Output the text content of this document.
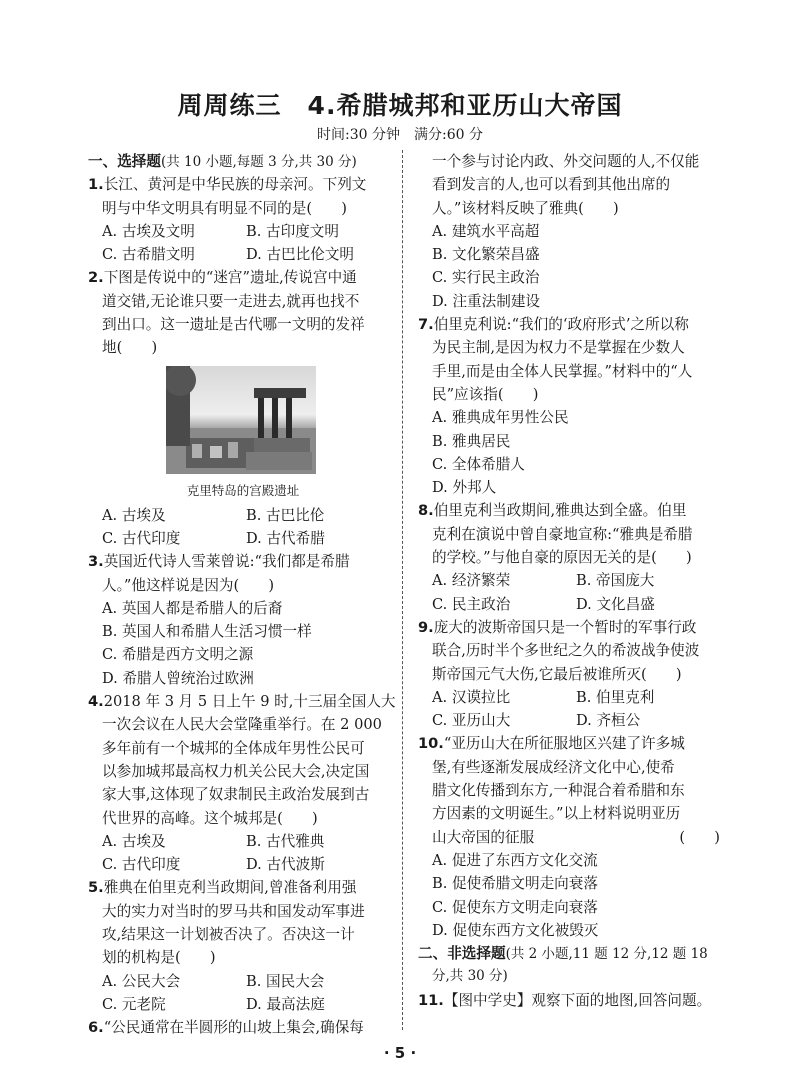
周周练三 4.希腊城邦和亚历山大帝国
时间:30 分钟 满分:60 分
一、选择题(共 10 小题,每题 3 分,共 30 分)
1.长江、黄河是中华民族的母亲河。下列文
明与中华文明具有明显不同的是(　　)
A. 古埃及文明	B. 古印度文明
C. 古希腊文明	D. 古巴比伦文明
2.下图是传说中的“迷宫”遗址,传说宫中通
道交错,无论谁只要一走进去,就再也找不
到出口。这一遗址是古代哪一文明的发祥
地(　　)
克里特岛的宫殿遗址
A. 古埃及	B. 古巴比伦
C. 古代印度	D. 古代希腊
3.英国近代诗人雪莱曾说:“我们都是希腊
人。”他这样说是因为(　　)
A. 英国人都是希腊人的后裔
B. 英国人和希腊人生活习惯一样
C. 希腊是西方文明之源
D. 希腊人曾统治过欧洲
4.2018 年 3 月 5 日上午 9 时,十三届全国人大
一次会议在人民大会堂隆重举行。在 2 000
多年前有一个城邦的全体成年男性公民可
以参加城邦最高权力机关公民大会,决定国
家大事,这体现了奴隶制民主政治发展到古
代世界的高峰。这个城邦是(　　)
A. 古埃及	B. 古代雅典
C. 古代印度	D. 古代波斯
5.雅典在伯里克利当政期间,曾准备利用强
大的实力对当时的罗马共和国发动军事进
攻,结果这一计划被否决了。否决这一计
划的机构是(　　)
A. 公民大会	B. 国民大会
C. 元老院	D. 最高法庭
6.“公民通常在半圆形的山坡上集会,确保每
一个参与讨论内政、外交问题的人,不仅能
看到发言的人,也可以看到其他出席的
人。”该材料反映了雅典(　　)
A. 建筑水平高超
B. 文化繁荣昌盛
C. 实行民主政治
D. 注重法制建设
7.伯里克利说:“我们的‘政府形式’之所以称
为民主制,是因为权力不是掌握在少数人
手里,而是由全体人民掌握。”材料中的“人
民”应该指(　　)
A. 雅典成年男性公民
B. 雅典居民
C. 全体希腊人
D. 外邦人
8.伯里克利当政期间,雅典达到全盛。伯里
克利在演说中曾自豪地宣称:“雅典是希腊
的学校。”与他自豪的原因无关的是(　　)
A. 经济繁荣	B. 帝国庞大
C. 民主政治	D. 文化昌盛
9.庞大的波斯帝国只是一个暂时的军事行政
联合,历时半个多世纪之久的希波战争使波
斯帝国元气大伤,它最后被谁所灭(　　)
A. 汉谟拉比	B. 伯里克利
C. 亚历山大	D. 齐桓公
10.“亚历山大在所征服地区兴建了许多城
堡,有些逐渐发展成经济文化中心,使希
腊文化传播到东方,一种混合着希腊和东
方因素的文明诞生。”以上材料说明亚历
山大帝国的征服	(　　)
A. 促进了东西方文化交流
B. 促使希腊文明走向衰落
C. 促使东方文明走向衰落
D. 促使东西方文化被毁灭
二、非选择题(共 2 小题,11 题 12 分,12 题 18
分,共 30 分)
11.【图中学史】观察下面的地图,回答问题。
· 5 ·
